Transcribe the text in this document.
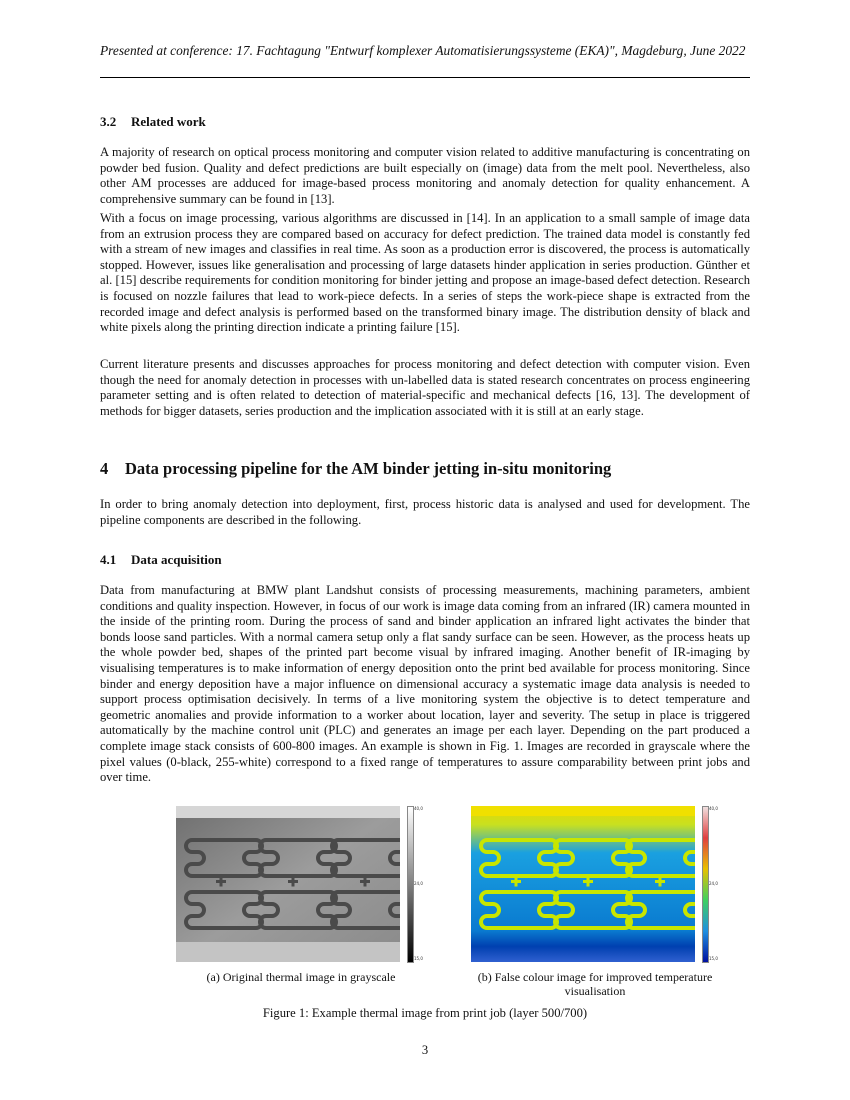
Presented at conference: 17. Fachtagung "Entwurf komplexer Automatisierungssysteme (EKA)", Magdeburg, June 2022
3.2 Related work

A majority of research on optical process monitoring and computer vision related to additive manufacturing is concentrating on powder bed fusion. Quality and defect predictions are built especially on (image) data from the melt pool. Nevertheless, also other AM processes are adduced for image-based process monitoring and anomaly detection for quality enhancement. A comprehensive summary can be found in [13].

With a focus on image processing, various algorithms are discussed in [14]. In an application to a small sample of image data from an extrusion process they are compared based on accuracy for defect prediction. The trained data model is constantly fed with a stream of new images and classifies in real time. As soon as a production error is discovered, the process is automatically stopped. However, issues like generalisation and processing of large datasets hinder application in series production. Günther et al. [15] describe requirements for condition monitoring for binder jetting and propose an image-based defect detection. Research is focused on nozzle failures that lead to work-piece defects. In a series of steps the work-piece shape is extracted from the recorded image and defect analysis is performed based on the transformed binary image. The distribution density of black and white pixels along the printing direction indicate a printing failure [15].

Current literature presents and discusses approaches for process monitoring and defect detection with computer vision. Even though the need for anomaly detection in processes with un-labelled data is stated research concentrates on process engineering parameter setting and is often related to detection of material-specific and mechanical defects [16, 13]. The development of methods for bigger datasets, series production and the implication associated with it is still at an early stage.

4 Data processing pipeline for the AM binder jetting in-situ monitoring

In order to bring anomaly detection into deployment, first, process historic data is analysed and used for development. The pipeline components are described in the following.

4.1 Data acquisition

Data from manufacturing at BMW plant Landshut consists of processing measurements, machining parameters, ambient conditions and quality inspection. However, in focus of our work is image data coming from an infrared (IR) camera mounted in the inside of the printing room. During the process of sand and binder application an infrared light activates the binder that bonds loose sand particles. With a normal camera setup only a flat sandy surface can be seen. However, as the process heats up the whole powder bed, shapes of the printed part become visual by infrared imaging. Another benefit of IR-imaging by visualising temperatures is to make information of energy deposition onto the print bed available for process monitoring. Since binder and energy deposition have a major influence on dimensional accuracy a systematic image data analysis is needed to support process optimisation decisively. In terms of a live monitoring system the objective is to detect temperature and geometric anomalies and provide information to a worker about location, layer and severity. The setup in place is triggered automatically by the machine control unit (PLC) and generates an image per each layer. Depending on the part produced a complete image stack consists of 600-800 images. An example is shown in Fig. 1. Images are recorded in grayscale where the pixel values (0-black, 255-white) correspond to a fixed range of temperatures to assure comparability between print jobs and over time.

40,0
24,0
15,0
40,0
24,0
15,0
(a) Original thermal image in grayscale	(b) False colour image for improved temperature visualisation
Figure 1: Example thermal image from print job (layer 500/700)
3
